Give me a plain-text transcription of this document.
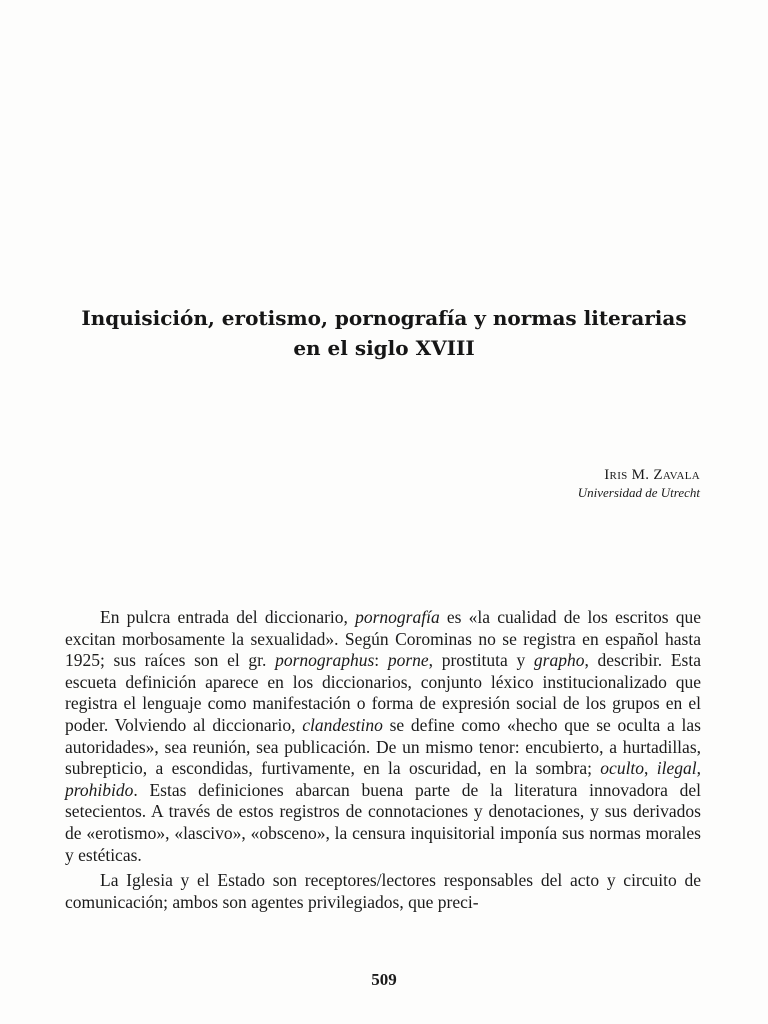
Inquisición, erotismo, pornografía y normas literarias
en el siglo XVIII
Iris M. Zavala
Universidad de Utrecht

En pulcra entrada del diccionario, pornografía es «la cualidad de los escritos que excitan morbosamente la sexualidad». Según Corominas no se registra en español hasta 1925; sus raíces son el gr. pornographus: porne, prostituta y grapho, describir. Esta escueta definición aparece en los diccionarios, conjunto léxico institucionalizado que registra el lenguaje como manifestación o forma de expresión social de los grupos en el poder. Volviendo al diccionario, clandestino se define como «hecho que se oculta a las autoridades», sea reunión, sea publicación. De un mismo tenor: encubierto, a hurtadillas, subrepticio, a escondidas, furtivamente, en la oscuridad, en la sombra; oculto, ilegal, prohibido. Estas definiciones abarcan buena parte de la literatura innovadora del setecientos. A través de estos registros de connotaciones y denotaciones, y sus derivados de «erotismo», «lascivo», «obsceno», la censura inquisitorial imponía sus normas morales y estéticas.

La Iglesia y el Estado son receptores/lectores responsables del acto y circuito de comunicación; ambos son agentes privilegiados, que preci-

509
